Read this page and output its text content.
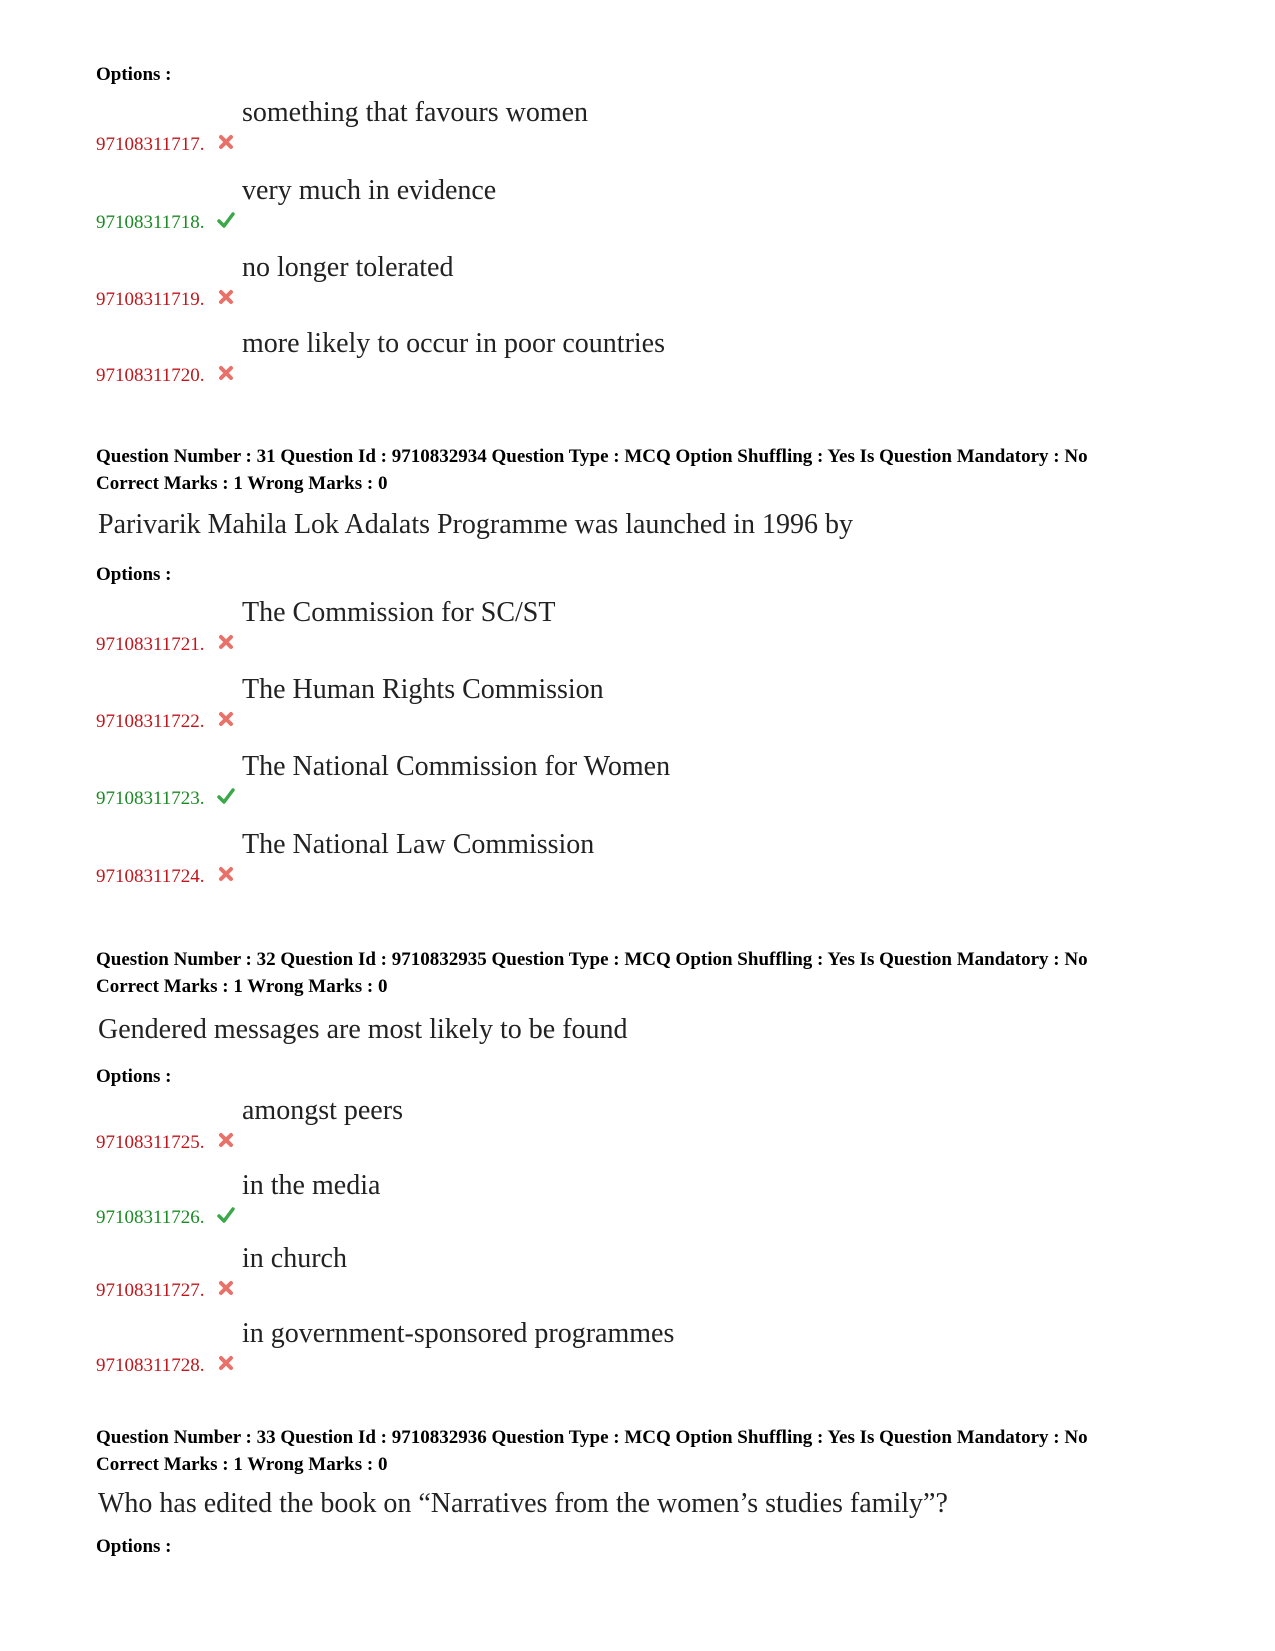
Options :
97108311717.
something that favours women
97108311718.
very much in evidence
97108311719.
no longer tolerated
97108311720.
more likely to occur in poor countries
Question Number : 31 Question Id : 9710832934 Question Type : MCQ Option Shuffling : Yes Is Question Mandatory : No
Correct Marks : 1 Wrong Marks : 0
Parivarik Mahila Lok Adalats Programme was launched in 1996 by
Options :
97108311721.
The Commission for SC/ST
97108311722.
The Human Rights Commission
97108311723.
The National Commission for Women
97108311724.
The National Law Commission
Question Number : 32 Question Id : 9710832935 Question Type : MCQ Option Shuffling : Yes Is Question Mandatory : No
Correct Marks : 1 Wrong Marks : 0
Gendered messages are most likely to be found
Options :
97108311725.
amongst peers
97108311726.
in the media
97108311727.
in church
97108311728.
in government-sponsored programmes
Question Number : 33 Question Id : 9710832936 Question Type : MCQ Option Shuffling : Yes Is Question Mandatory : No
Correct Marks : 1 Wrong Marks : 0
Who has edited the book on “Narratives from the women’s studies family”?
Options :
